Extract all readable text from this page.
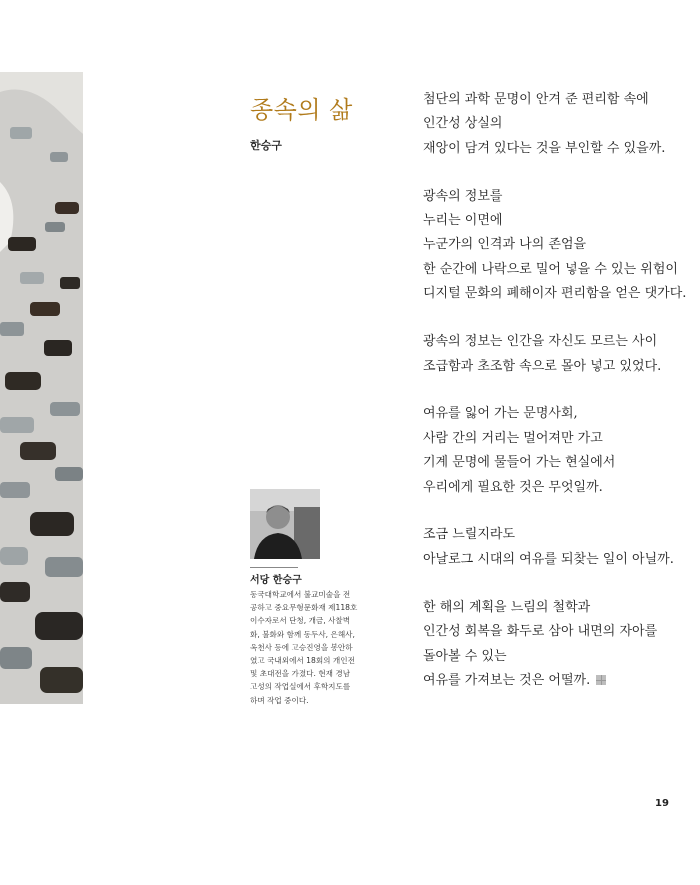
종속의 삶
한승구
서당 한승구
동국대학교에서 불교미술을 전
공하고 중요무형문화재 제118호
이수자로서 단청, 개금, 사찰벽
화, 불화와 함께 동두사, 은해사,
옥천사 등에 고승진영을 봉안하
였고 국내외에서 18회의 개인전
및 초대전을 가졌다. 현재 경남
고성의 작업실에서 후학지도를
하며 작업 중이다.
첨단의 과학 문명이 안겨 준 편리함 속에
인간성 상실의
재앙이 담겨 있다는 것을 부인할 수 있을까.
광속의 정보를
누리는 이면에
누군가의 인격과 나의 존엄을
한 순간에 나락으로 밀어 넣을 수 있는 위험이
디지털 문화의 폐해이자 편리함을 얻은 댓가다.
광속의 정보는 인간을 자신도 모르는 사이
조급함과 초조함 속으로 몰아 넣고 있었다.
여유를 잃어 가는 문명사회,
사람 간의 거리는 멀어져만 가고
기계 문명에 물들어 가는 현실에서
우리에게 필요한 것은 무엇일까.
조금 느릴지라도
아날로그 시대의 여유를 되찾는 일이 아닐까.
한 해의 계획을 느림의 철학과
인간성 회복을 화두로 삼아 내면의 자아를
돌아볼 수 있는
여유를 가져보는 것은 어떨까.
19
